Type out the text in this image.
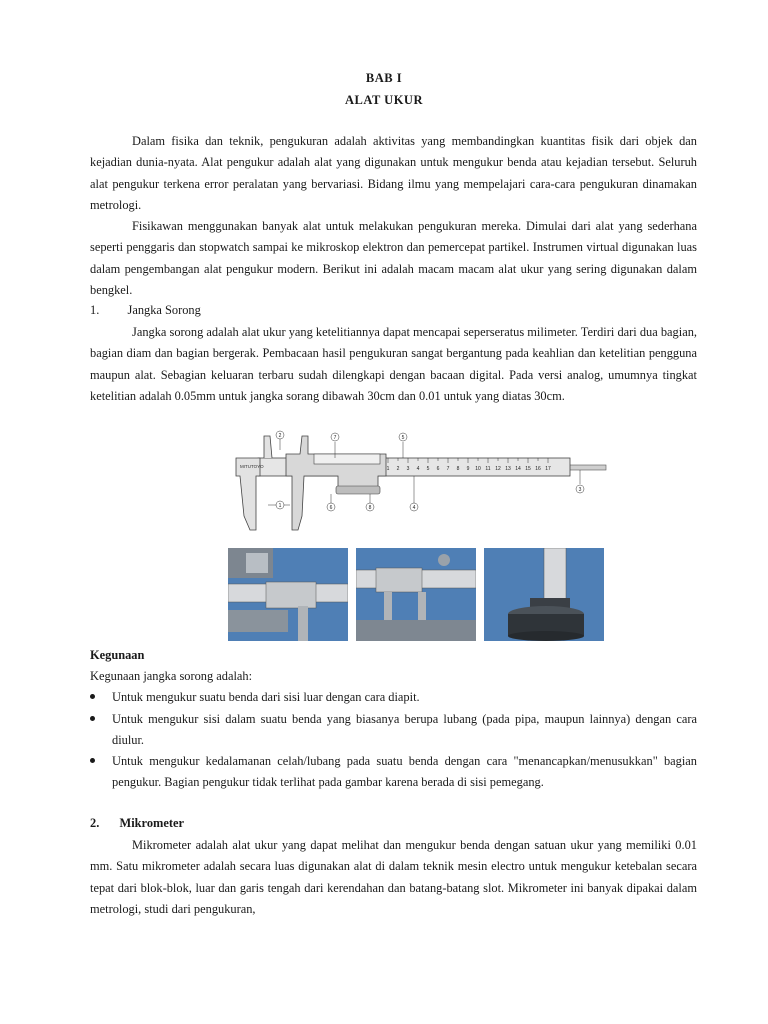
BAB I
ALAT UKUR

Dalam fisika dan teknik, pengukuran adalah aktivitas yang membandingkan kuantitas fisik dari objek dan kejadian dunia-nyata. Alat pengukur adalah alat yang digunakan untuk mengukur benda atau kejadian tersebut. Seluruh alat pengukur terkena error peralatan yang bervariasi. Bidang ilmu yang mempelajari cara-cara pengukuran dinamakan metrologi.

Fisikawan menggunakan banyak alat untuk melakukan pengukuran mereka. Dimulai dari alat yang sederhana seperti penggaris dan stopwatch sampai ke mikroskop elektron dan pemercepat partikel. Instrumen virtual digunakan luas dalam pengembangan alat pengukur modern. Berikut ini adalah macam macam alat ukur yang sering digunakan dalam bengkel.

1. Jangka Sorong

Jangka sorong adalah alat ukur yang ketelitiannya dapat mencapai seperseratus milimeter. Terdiri dari dua bagian, bagian diam dan bagian bergerak. Pembacaan hasil pengukuran sangat bergantung pada keahlian dan ketelitian pengguna maupun alat. Sebagian keluaran terbaru sudah dilengkapi dengan bacaan digital. Pada versi analog, umumnya tingkat ketelitian adalah 0.05mm untuk jangka sorang dibawah 30cm dan 0.01 untuk yang diatas 30cm.

MITUTOYO	1 2 3 4 5 6 7 8 9 10 11 12 13 14 15 16 17
2	7	5
1	6	8	4
3
Kegunaan
Kegunaan jangka sorong adalah:
Untuk mengukur suatu benda dari sisi luar dengan cara diapit.
Untuk mengukur sisi dalam suatu benda yang biasanya berupa lubang (pada pipa, maupun lainnya) dengan cara diulur.
Untuk mengukur kedalamanan celah/lubang pada suatu benda dengan cara "menancapkan/menusukkan" bagian pengukur. Bagian pengukur tidak terlihat pada gambar karena berada di sisi pemegang.
2. Mikrometer

Mikrometer adalah alat ukur yang dapat melihat dan mengukur benda dengan satuan ukur yang memiliki 0.01 mm. Satu mikrometer adalah secara luas digunakan alat di dalam teknik mesin electro untuk mengukur ketebalan secara tepat dari blok-blok, luar dan garis tengah dari kerendahan dan batang-batang slot. Mikrometer ini banyak dipakai dalam metrologi, studi dari pengukuran,
